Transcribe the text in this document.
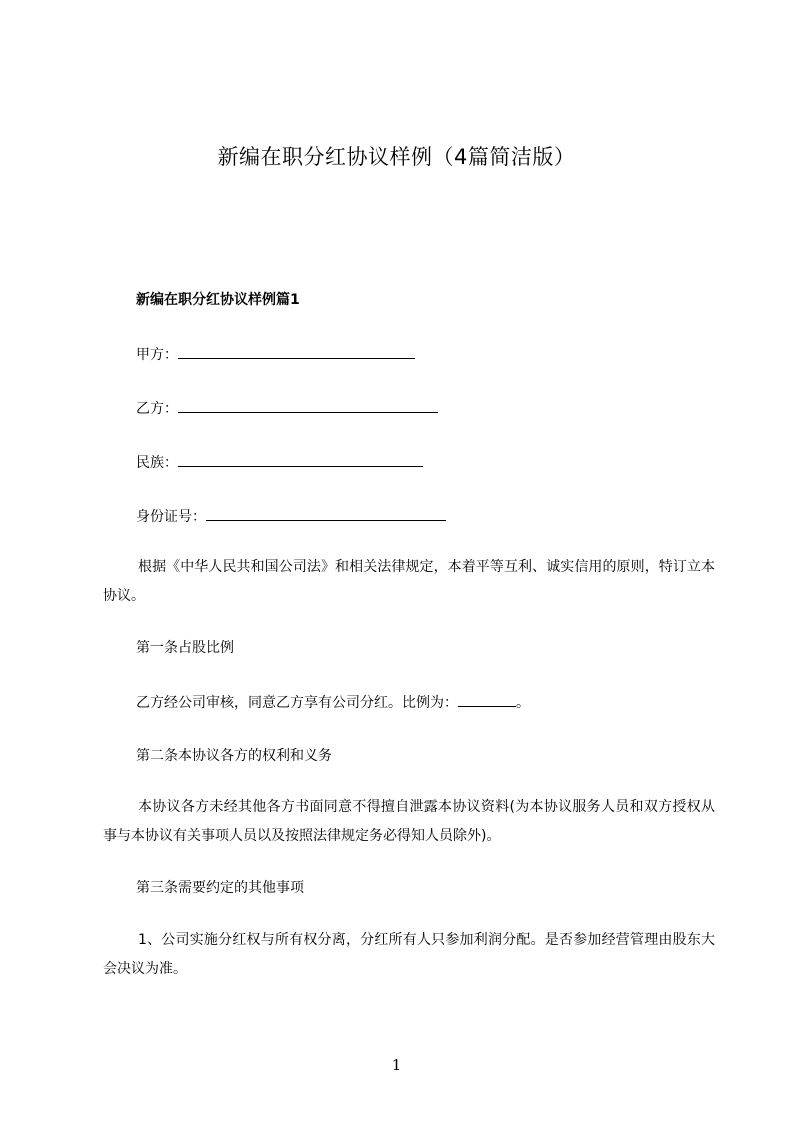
新编在职分红协议样例（4篇简洁版）
新编在职分红协议样例篇1
甲方：
乙方：
民族：
身份证号：
根据《中华人民共和国公司法》和相关法律规定，本着平等互利、诚实信用的原则，特订立本协议。
第一条占股比例
乙方经公司审核，同意乙方享有公司分红。比例为：	。
第二条本协议各方的权利和义务
本协议各方未经其他各方书面同意不得擅自泄露本协议资料(为本协议服务人员和双方授权从事与本协议有关事项人员以及按照法律规定务必得知人员除外)。
第三条需要约定的其他事项
1、公司实施分红权与所有权分离，分红所有人只参加利润分配。是否参加经营管理由股东大会决议为准。
1
